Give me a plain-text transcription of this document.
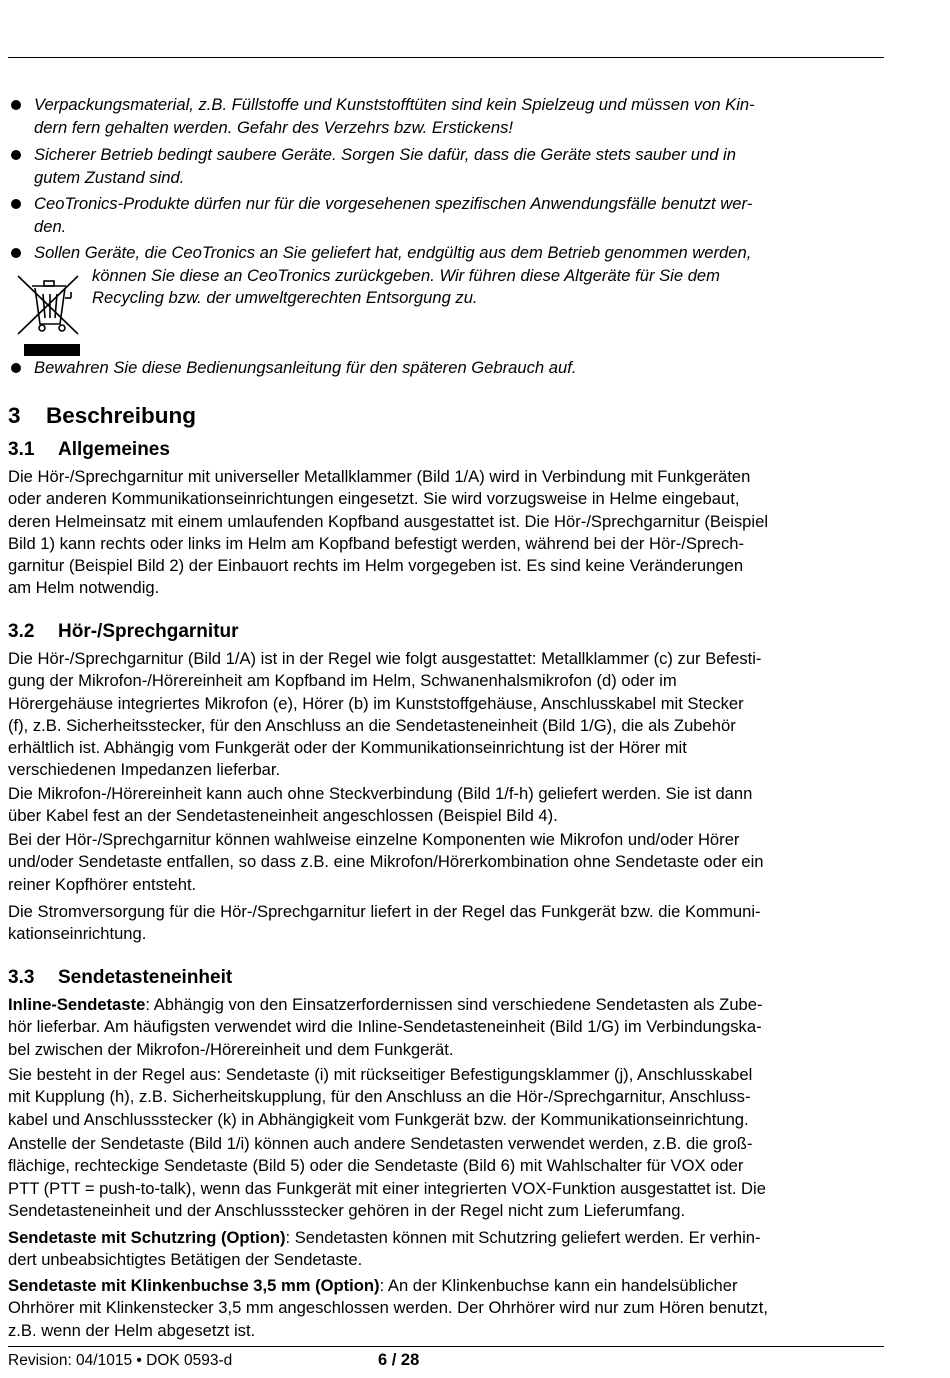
Verpackungsmaterial, z.B. Füllstoffe und Kunststofftüten sind kein Spielzeug und müssen von Kin-
dern fern gehalten werden. Gefahr des Verzehrs bzw. Erstickens!
Sicherer Betrieb bedingt saubere Geräte. Sorgen Sie dafür, dass die Geräte stets sauber und in
gutem Zustand sind.
CeoTronics-Produkte dürfen nur für die vorgesehenen spezifischen Anwendungsfälle benutzt wer-
den.
Sollen Geräte, die CeoTronics an Sie geliefert hat, endgültig aus dem Betrieb genommen werden,
können Sie diese an CeoTronics zurückgeben. Wir führen diese Altgeräte für Sie dem
Recycling bzw. der umweltgerechten Entsorgung zu.
Bewahren Sie diese Bedienungsanleitung für den späteren Gebrauch auf.
3 Beschreibung
3.1 Allgemeines

Die Hör-/Sprechgarnitur mit universeller Metallklammer (Bild 1/A) wird in Verbindung mit Funkgeräten
oder anderen Kommunikationseinrichtungen eingesetzt. Sie wird vorzugsweise in Helme eingebaut,
deren Helmeinsatz mit einem umlaufenden Kopfband ausgestattet ist. Die Hör-/Sprechgarnitur (Beispiel
Bild 1) kann rechts oder links im Helm am Kopfband befestigt werden, während bei der Hör-/Sprech-
garnitur (Beispiel Bild 2) der Einbauort rechts im Helm vorgegeben ist. Es sind keine Veränderungen
am Helm notwendig.

3.2 Hör-/Sprechgarnitur

Die Hör-/Sprechgarnitur (Bild 1/A) ist in der Regel wie folgt ausgestattet: Metallklammer (c) zur Befesti-
gung der Mikrofon-/Hörereinheit am Kopfband im Helm, Schwanenhalsmikrofon (d) oder im
Hörergehäuse integriertes Mikrofon (e), Hörer (b) im Kunststoffgehäuse, Anschlusskabel mit Stecker
(f), z.B. Sicherheitsstecker, für den Anschluss an die Sendetasteneinheit (Bild 1/G), die als Zubehör
erhältlich ist. Abhängig vom Funkgerät oder der Kommunikationseinrichtung ist der Hörer mit
verschiedenen Impedanzen lieferbar.

Die Mikrofon-/Hörereinheit kann auch ohne Steckverbindung (Bild 1/f-h) geliefert werden. Sie ist dann
über Kabel fest an der Sendetasteneinheit angeschlossen (Beispiel Bild 4).

Bei der Hör-/Sprechgarnitur können wahlweise einzelne Komponenten wie Mikrofon und/oder Hörer
und/oder Sendetaste entfallen, so dass z.B. eine Mikrofon/Hörerkombination ohne Sendetaste oder ein
reiner Kopfhörer entsteht.

Die Stromversorgung für die Hör-/Sprechgarnitur liefert in der Regel das Funkgerät bzw. die Kommuni-
kationseinrichtung.

3.3 Sendetasteneinheit

Inline-Sendetaste: Abhängig von den Einsatzerfordernissen sind verschiedene Sendetasten als Zube-
hör lieferbar. Am häufigsten verwendet wird die Inline-Sendetasteneinheit (Bild 1/G) im Verbindungska-
bel zwischen der Mikrofon-/Hörereinheit und dem Funkgerät.

Sie besteht in der Regel aus: Sendetaste (i) mit rückseitiger Befestigungsklammer (j), Anschlusskabel
mit Kupplung (h), z.B. Sicherheitskupplung, für den Anschluss an die Hör-/Sprechgarnitur, Anschluss-
kabel und Anschlussstecker (k) in Abhängigkeit vom Funkgerät bzw. der Kommunikationseinrichtung.

Anstelle der Sendetaste (Bild 1/i) können auch andere Sendetasten verwendet werden, z.B. die groß-
flächige, rechteckige Sendetaste (Bild 5) oder die Sendetaste (Bild 6) mit Wahlschalter für VOX oder
PTT (PTT = push-to-talk), wenn das Funkgerät mit einer integrierten VOX-Funktion ausgestattet ist. Die
Sendetasteneinheit und der Anschlussstecker gehören in der Regel nicht zum Lieferumfang.

Sendetaste mit Schutzring (Option): Sendetasten können mit Schutzring geliefert werden. Er verhin-
dert unbeabsichtigtes Betätigen der Sendetaste.

Sendetaste mit Klinkenbuchse 3,5 mm (Option): An der Klinkenbuchse kann ein handelsüblicher
Ohrhörer mit Klinkenstecker 3,5 mm angeschlossen werden. Der Ohrhörer wird nur zum Hören benutzt,
z.B. wenn der Helm abgesetzt ist.

Revision: 04/1015 • DOK 0593-d	6 / 28
